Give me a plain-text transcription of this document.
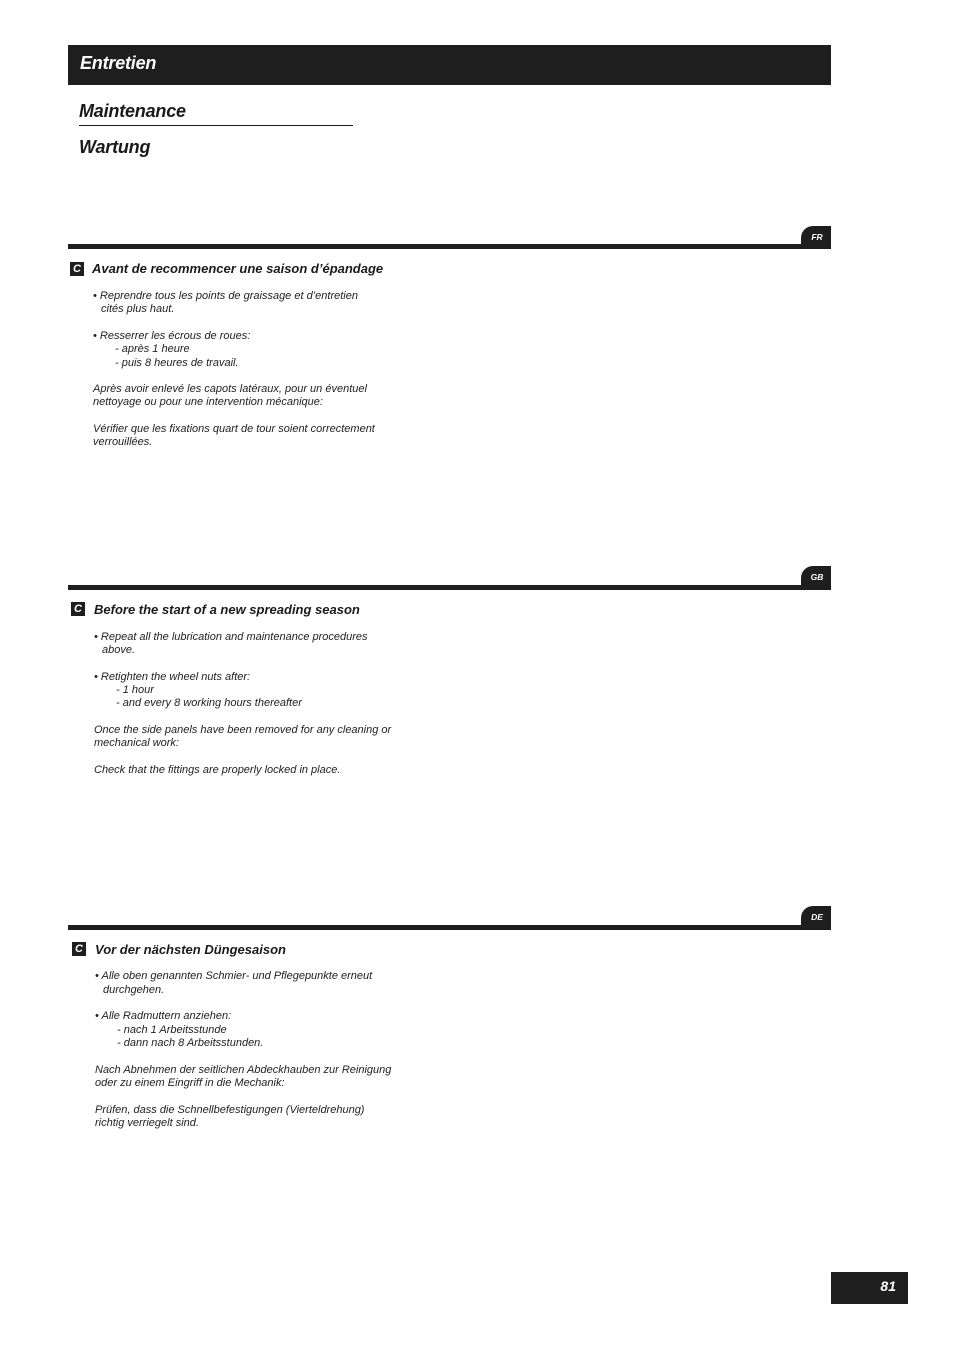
Entretien
Maintenance
Wartung
FR
C Avant de recommencer une saison d’épandage
• Reprendre tous les points de graissage et d’entretien
cités plus haut.
• Resserrer les écrous de roues:
- après 1 heure
- puis 8 heures de travail.
Après avoir enlevé les capots latéraux, pour un éventuel
nettoyage ou pour une intervention mécanique:
Vérifier que les fixations quart de tour soient correctement
verrouillées.
GB
C Before the start of a new spreading season
• Repeat all the lubrication and maintenance procedures
above.
• Retighten the wheel nuts after:
- 1 hour
- and every 8 working hours thereafter
Once the side panels have been removed for any cleaning or
mechanical work:
Check that the fittings are properly locked in place.
DE
C Vor der nächsten Düngesaison
• Alle oben genannten Schmier- und Pflegepunkte erneut
durchgehen.
• Alle Radmuttern anziehen:
- nach 1 Arbeitsstunde
- dann nach 8 Arbeitsstunden.
Nach Abnehmen der seitlichen Abdeckhauben zur Reinigung
oder zu einem Eingriff in die Mechanik:
Prüfen, dass die Schnellbefestigungen (Vierteldrehung)
richtig verriegelt sind.
81
